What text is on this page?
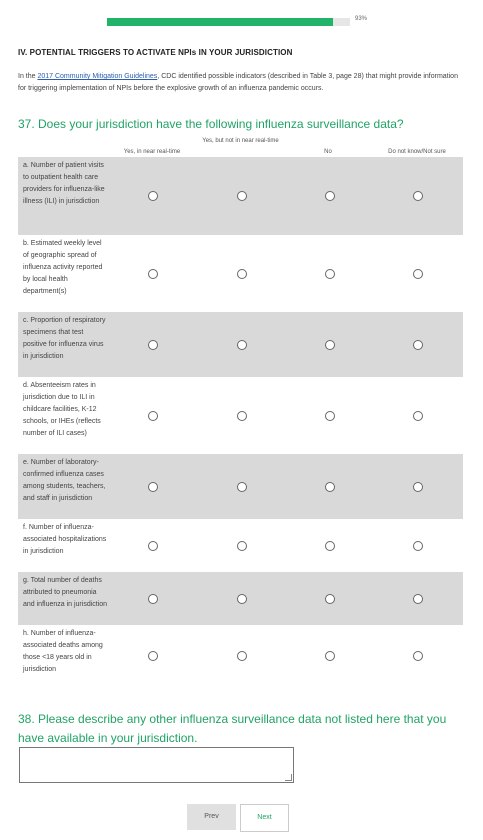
93%
IV. POTENTIAL TRIGGERS TO ACTIVATE NPIs IN YOUR JURISDICTION
In the 2017 Community Mitigation Guidelines, CDC identified possible indicators (described in Table 3, page 28) that might provide information for triggering implementation of NPIs before the explosive growth of an influenza pandemic occurs.
37. Does your jurisdiction have the following influenza surveillance data?
Yes, in near real-time
Yes, but not in near real-time
No	Do not know/Not sure
a. Number of patient visits to outpatient health care providers for influenza-like illness (ILI) in jurisdiction
b. Estimated weekly level of geographic spread of influenza activity reported by local health department(s)
c. Proportion of respiratory specimens that test positive for influenza virus in jurisdiction
d. Absenteeism rates in jurisdiction due to ILI in childcare facilities, K-12 schools, or IHEs (reflects number of ILI cases)
e. Number of laboratory-confirmed influenza cases among students, teachers, and staff in jurisdiction
f. Number of influenza-associated hospitalizations in jurisdiction
g. Total number of deaths attributed to pneumonia and influenza in jurisdiction
h. Number of influenza-associated deaths among those <18 years old in jurisdiction
38. Please describe any other influenza surveillance data not listed here that you have available in your jurisdiction.
Prev	Next
